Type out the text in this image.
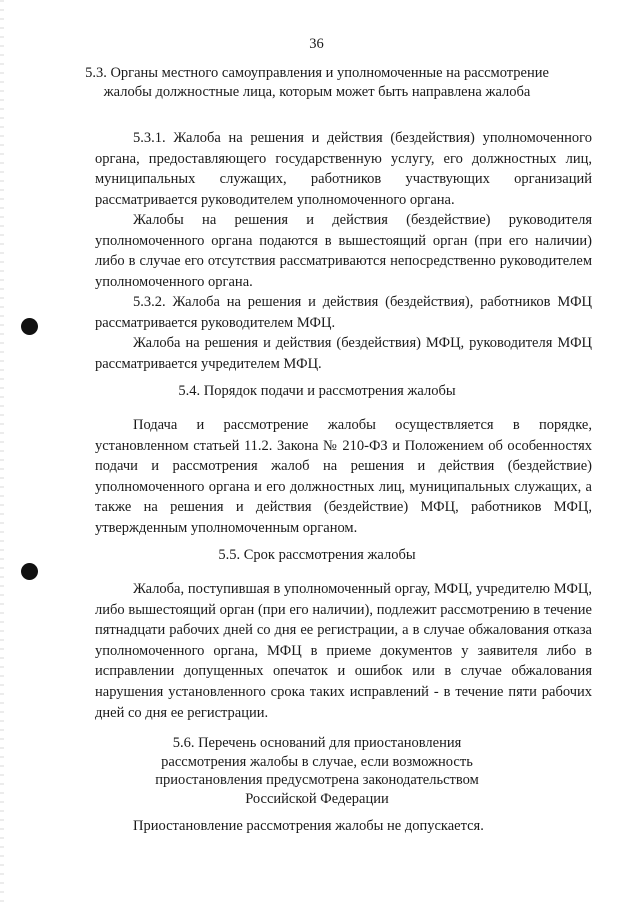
36
5.3. Органы местного самоуправления и уполномоченные на рассмотрение жалобы должностные лица, которым может быть направлена жалоба
5.3.1. Жалоба на решения и действия (бездействия) уполномоченного органа, предоставляющего государственную услугу, его должностных лиц, муниципальных служащих, работников участвующих организаций рассматривается руководителем уполномоченного органа.
Жалобы на решения и действия (бездействие) руководителя уполномоченного органа подаются в вышестоящий орган (при его наличии) либо в случае его отсутствия рассматриваются непосредственно руководителем уполномоченного органа.
5.3.2. Жалоба на решения и действия (бездействия), работников МФЦ рассматривается руководителем МФЦ.
Жалоба на решения и действия (бездействия) МФЦ, руководителя МФЦ рассматривается учредителем МФЦ.
5.4. Порядок подачи и рассмотрения жалобы
Подача и рассмотрение жалобы осуществляется в порядке, установленном статьей 11.2. Закона № 210-ФЗ и Положением об особенностях подачи и рассмотрения жалоб на решения и действия (бездействие) уполномоченного органа и его должностных лиц, муниципальных служащих, а также на решения и действия (бездействие) МФЦ, работников МФЦ, утвержденным уполномоченным органом.
5.5. Срок рассмотрения жалобы
Жалоба, поступившая в уполномоченный оргау, МФЦ, учредителю МФЦ, либо вышестоящий орган (при его наличии), подлежит рассмотрению в течение пятнадцати рабочих дней со дня ее регистрации, а в случае обжалования отказа уполномоченного органа, МФЦ в приеме документов у заявителя либо в исправлении допущенных опечаток и ошибок или в случае обжалования нарушения установленного срока таких исправлений - в течение пяти рабочих дней со дня ее регистрации.
5.6. Перечень оснований для приостановления
рассмотрения жалобы в случае, если возможность
приостановления предусмотрена законодательством
Российской Федерации
Приостановление рассмотрения жалобы не допускается.
